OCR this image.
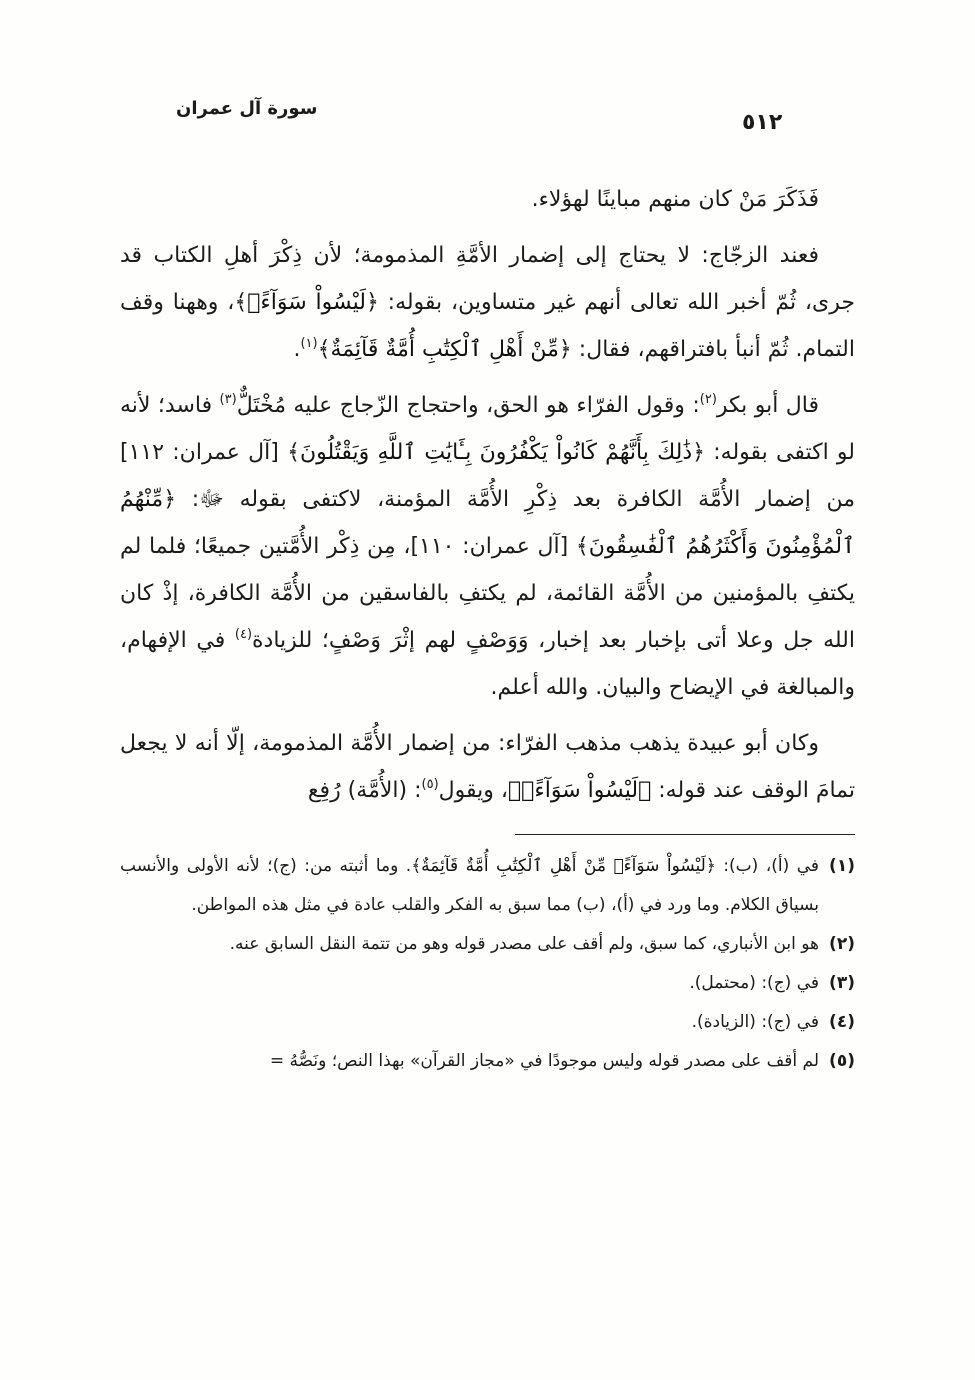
سورة آل عمران
٥١٢

فَذَكَرَ مَنْ كان منهم مباينًا لهؤلاء.

فعند الزجّاج: لا يحتاج إلى إضمار الأمَّةِ المذمومة؛ لأن ذِكْرَ أهلِ الكتاب قد جرى، ثُمّ أخبر الله تعالى أنهم غير متساوين، بقوله: ﴿لَيْسُواْ سَوَآءًۗ﴾، وههنا وقف التمام. ثُمّ أنبأ بافتراقهم، فقال: ﴿مِّنْ أَهْلِ ٱلْكِتَٰبِ أُمَّةٌ قَآئِمَةٌ﴾$^{(١)}$.

قال أبو بكر$^{(٢)}$: وقول الفرّاء هو الحق، واحتجاج الزّجاج عليه مُخْتَلٌّ$^{(٣)}$ فاسد؛ لأنه لو اكتفى بقوله: ﴿ذَٰلِكَ بِأَنَّهُمْ كَانُواْ يَكْفُرُونَ بِـَٔايَٰتِ ٱللَّهِ وَيَقْتُلُونَ﴾ [آل عمران: ١١٢] من إضمار الأُمَّة الكافرة بعد ذِكْرِ الأُمَّة المؤمنة، لاكتفى بقوله ﷻ: ﴿مِّنْهُمُ ٱلْمُؤْمِنُونَ وَأَكْثَرُهُمُ ٱلْفَٰسِقُونَ﴾ [آل عمران: ١١٠]، مِن ذِكْر الأُمَّتين جميعًا؛ فلما لم يكتفِ بالمؤمنين من الأُمَّة القائمة، لم يكتفِ بالفاسقين من الأُمَّة الكافرة، إذْ كان الله جل وعلا أتى بإخبار بعد إخبار، وَوَصْفٍ لهم إثْرَ وَصْفٍ؛ للزيادة$^{(٤)}$ في الإفهام، والمبالغة في الإيضاح والبيان. والله أعلم.

وكان أبو عبيدة يذهب مذهب الفرّاء: من إضمار الأُمَّة المذمومة، إلّا أنه لا يجعل تمامَ الوقف عند قوله: ﴿لَيْسُواْ سَوَآءًۗ﴾، ويقول$^{(٥)}$: (الأُمَّة) رُفِع

(١)
في (أ)، (ب): ﴿لَيْسُواْ سَوَآءًۗ مِّنْ أَهْلِ ٱلْكِتَٰبِ أُمَّةٌ قَآئِمَةٌ﴾. وما أثبته من: (ج)؛ لأنه الأولى والأنسب بسياق الكلام. وما ورد في (أ)، (ب) مما سبق به الفكر والقلب عادة في مثل هذه المواطن.
(٢)
هو ابن الأنباري، كما سبق، ولم أقف على مصدر قوله وهو من تتمة النقل السابق عنه.
(٣)
في (ج): (محتمل).
(٤)
في (ج): (الزيادة).
(٥)
لم أقف على مصدر قوله وليس موجودًا في «مجاز القرآن» بهذا النص؛ ونَصُّهُ =
